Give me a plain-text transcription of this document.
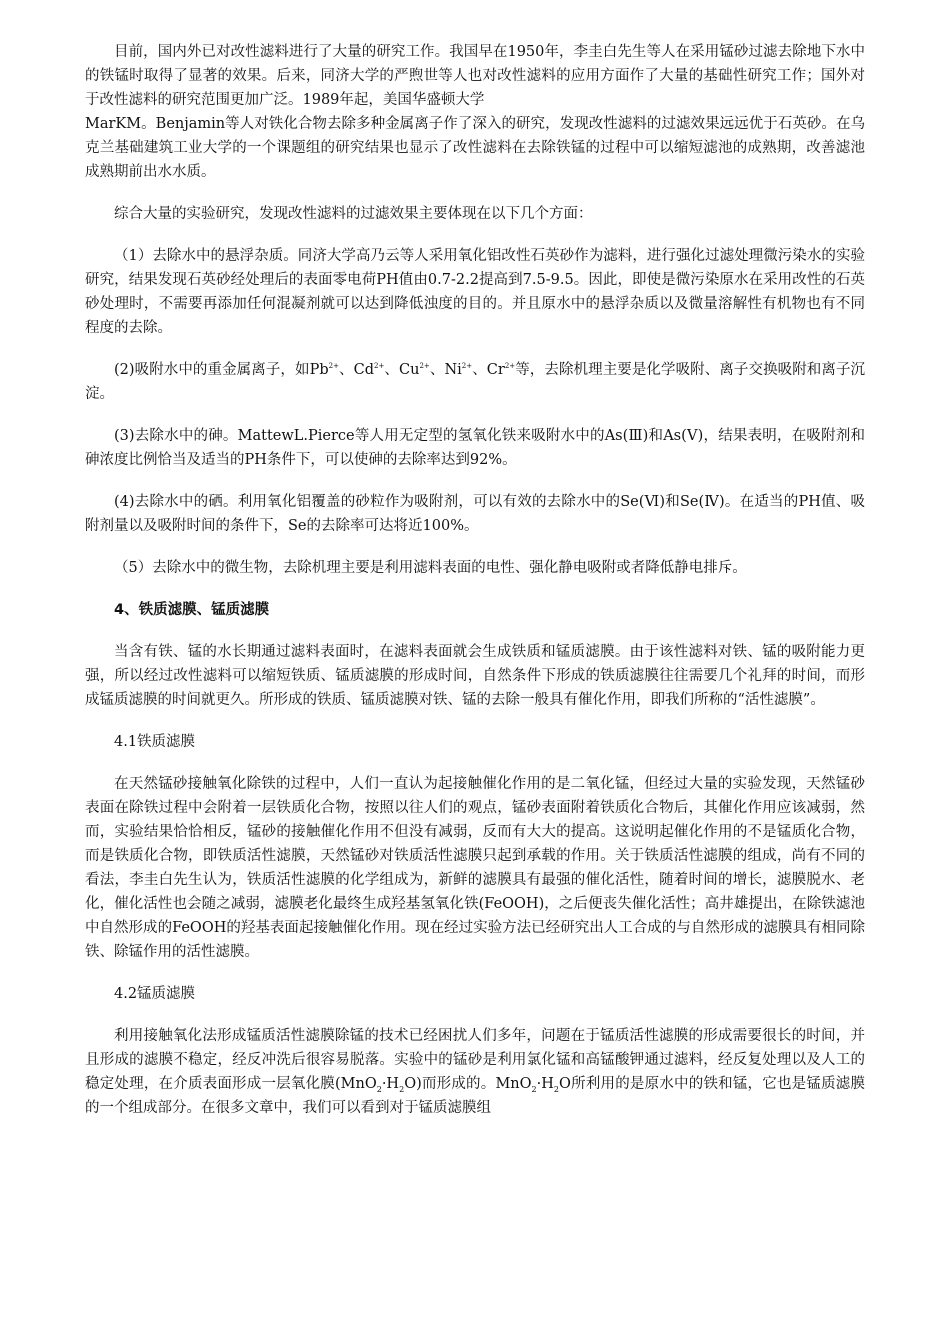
目前，国内外已对改性滤料进行了大量的研究工作。我国早在1950年，李圭白先生等人在采用锰砂过滤去除地下水中的铁锰时取得了显著的效果。后来，同济大学的严煦世等人也对改性滤料的应用方面作了大量的基础性研究工作；国外对于改性滤料的研究范围更加广泛。1989年起，美国华盛顿大学

MarKM。Benjamin等人对铁化合物去除多种金属离子作了深入的研究，发现改性滤料的过滤效果远远优于石英砂。在乌克兰基础建筑工业大学的一个课题组的研究结果也显示了改性滤料在去除铁锰的过程中可以缩短滤池的成熟期，改善滤池成熟期前出水水质。

综合大量的实验研究，发现改性滤料的过滤效果主要体现在以下几个方面：

（1）去除水中的悬浮杂质。同济大学高乃云等人采用氧化铝改性石英砂作为滤料，进行强化过滤处理微污染水的实验研究，结果发现石英砂经处理后的表面零电荷PH值由0.7-2.2提高到7.5-9.5。因此，即使是微污染原水在采用改性的石英砂处理时，不需要再添加任何混凝剂就可以达到降低浊度的目的。并且原水中的悬浮杂质以及微量溶解性有机物也有不同程度的去除。

(2)吸附水中的重金属离子，如$Pb^{2+}$、$Cd^{2+}$、$Cu^{2+}$、$Ni^{2+}$、$Cr^{2+}$等，去除机理主要是化学吸附、离子交换吸附和离子沉淀。

(3)去除水中的砷。MattewL.Pierce等人用无定型的氢氧化铁来吸附水中的As(Ⅲ)和As(Ⅴ)，结果表明，在吸附剂和砷浓度比例恰当及适当的PH条件下，可以使砷的去除率达到92%。

(4)去除水中的硒。利用氧化铝覆盖的砂粒作为吸附剂，可以有效的去除水中的Se(Ⅵ)和Se(Ⅳ)。在适当的PH值、吸附剂量以及吸附时间的条件下，Se的去除率可达将近100%。

（5）去除水中的微生物，去除机理主要是利用滤料表面的电性、强化静电吸附或者降低静电排斥。

4、铁质滤膜、锰质滤膜

当含有铁、锰的水长期通过滤料表面时，在滤料表面就会生成铁质和锰质滤膜。由于该性滤料对铁、锰的吸附能力更强，所以经过改性滤料可以缩短铁质、锰质滤膜的形成时间，自然条件下形成的铁质滤膜往往需要几个礼拜的时间，而形成锰质滤膜的时间就更久。所形成的铁质、锰质滤膜对铁、锰的去除一般具有催化作用，即我们所称的“活性滤膜”。

4.1铁质滤膜

在天然锰砂接触氧化除铁的过程中，人们一直认为起接触催化作用的是二氧化锰，但经过大量的实验发现，天然锰砂表面在除铁过程中会附着一层铁质化合物，按照以往人们的观点，锰砂表面附着铁质化合物后，其催化作用应该减弱，然而，实验结果恰恰相反，锰砂的接触催化作用不但没有减弱，反而有大大的提高。这说明起催化作用的不是锰质化合物，而是铁质化合物，即铁质活性滤膜，天然锰砂对铁质活性滤膜只起到承载的作用。关于铁质活性滤膜的组成，尚有不同的看法，李圭白先生认为，铁质活性滤膜的化学组成为，新鲜的滤膜具有最强的催化活性，随着时间的增长，滤膜脱水、老化，催化活性也会随之减弱，滤膜老化最终生成羟基氢氧化铁(FeOOH)，之后便丧失催化活性；高井雄提出，在除铁滤池中自然形成的FeOOH的羟基表面起接触催化作用。现在经过实验方法已经研究出人工合成的与自然形成的滤膜具有相同除铁、除锰作用的活性滤膜。

4.2锰质滤膜

利用接触氧化法形成锰质活性滤膜除锰的技术已经困扰人们多年，问题在于锰质活性滤膜的形成需要很长的时间，并且形成的滤膜不稳定，经反冲洗后很容易脱落。实验中的锰砂是利用氯化锰和高锰酸钾通过滤料，经反复处理以及人工的稳定处理，在介质表面形成一层氧化膜$(MnO_2\cdot H_2O)$而形成的。$MnO_2\cdot H_2O$所利用的是原水中的铁和锰，它也是锰质滤膜的一个组成部分。在很多文章中，我们可以看到对于锰质滤膜组
